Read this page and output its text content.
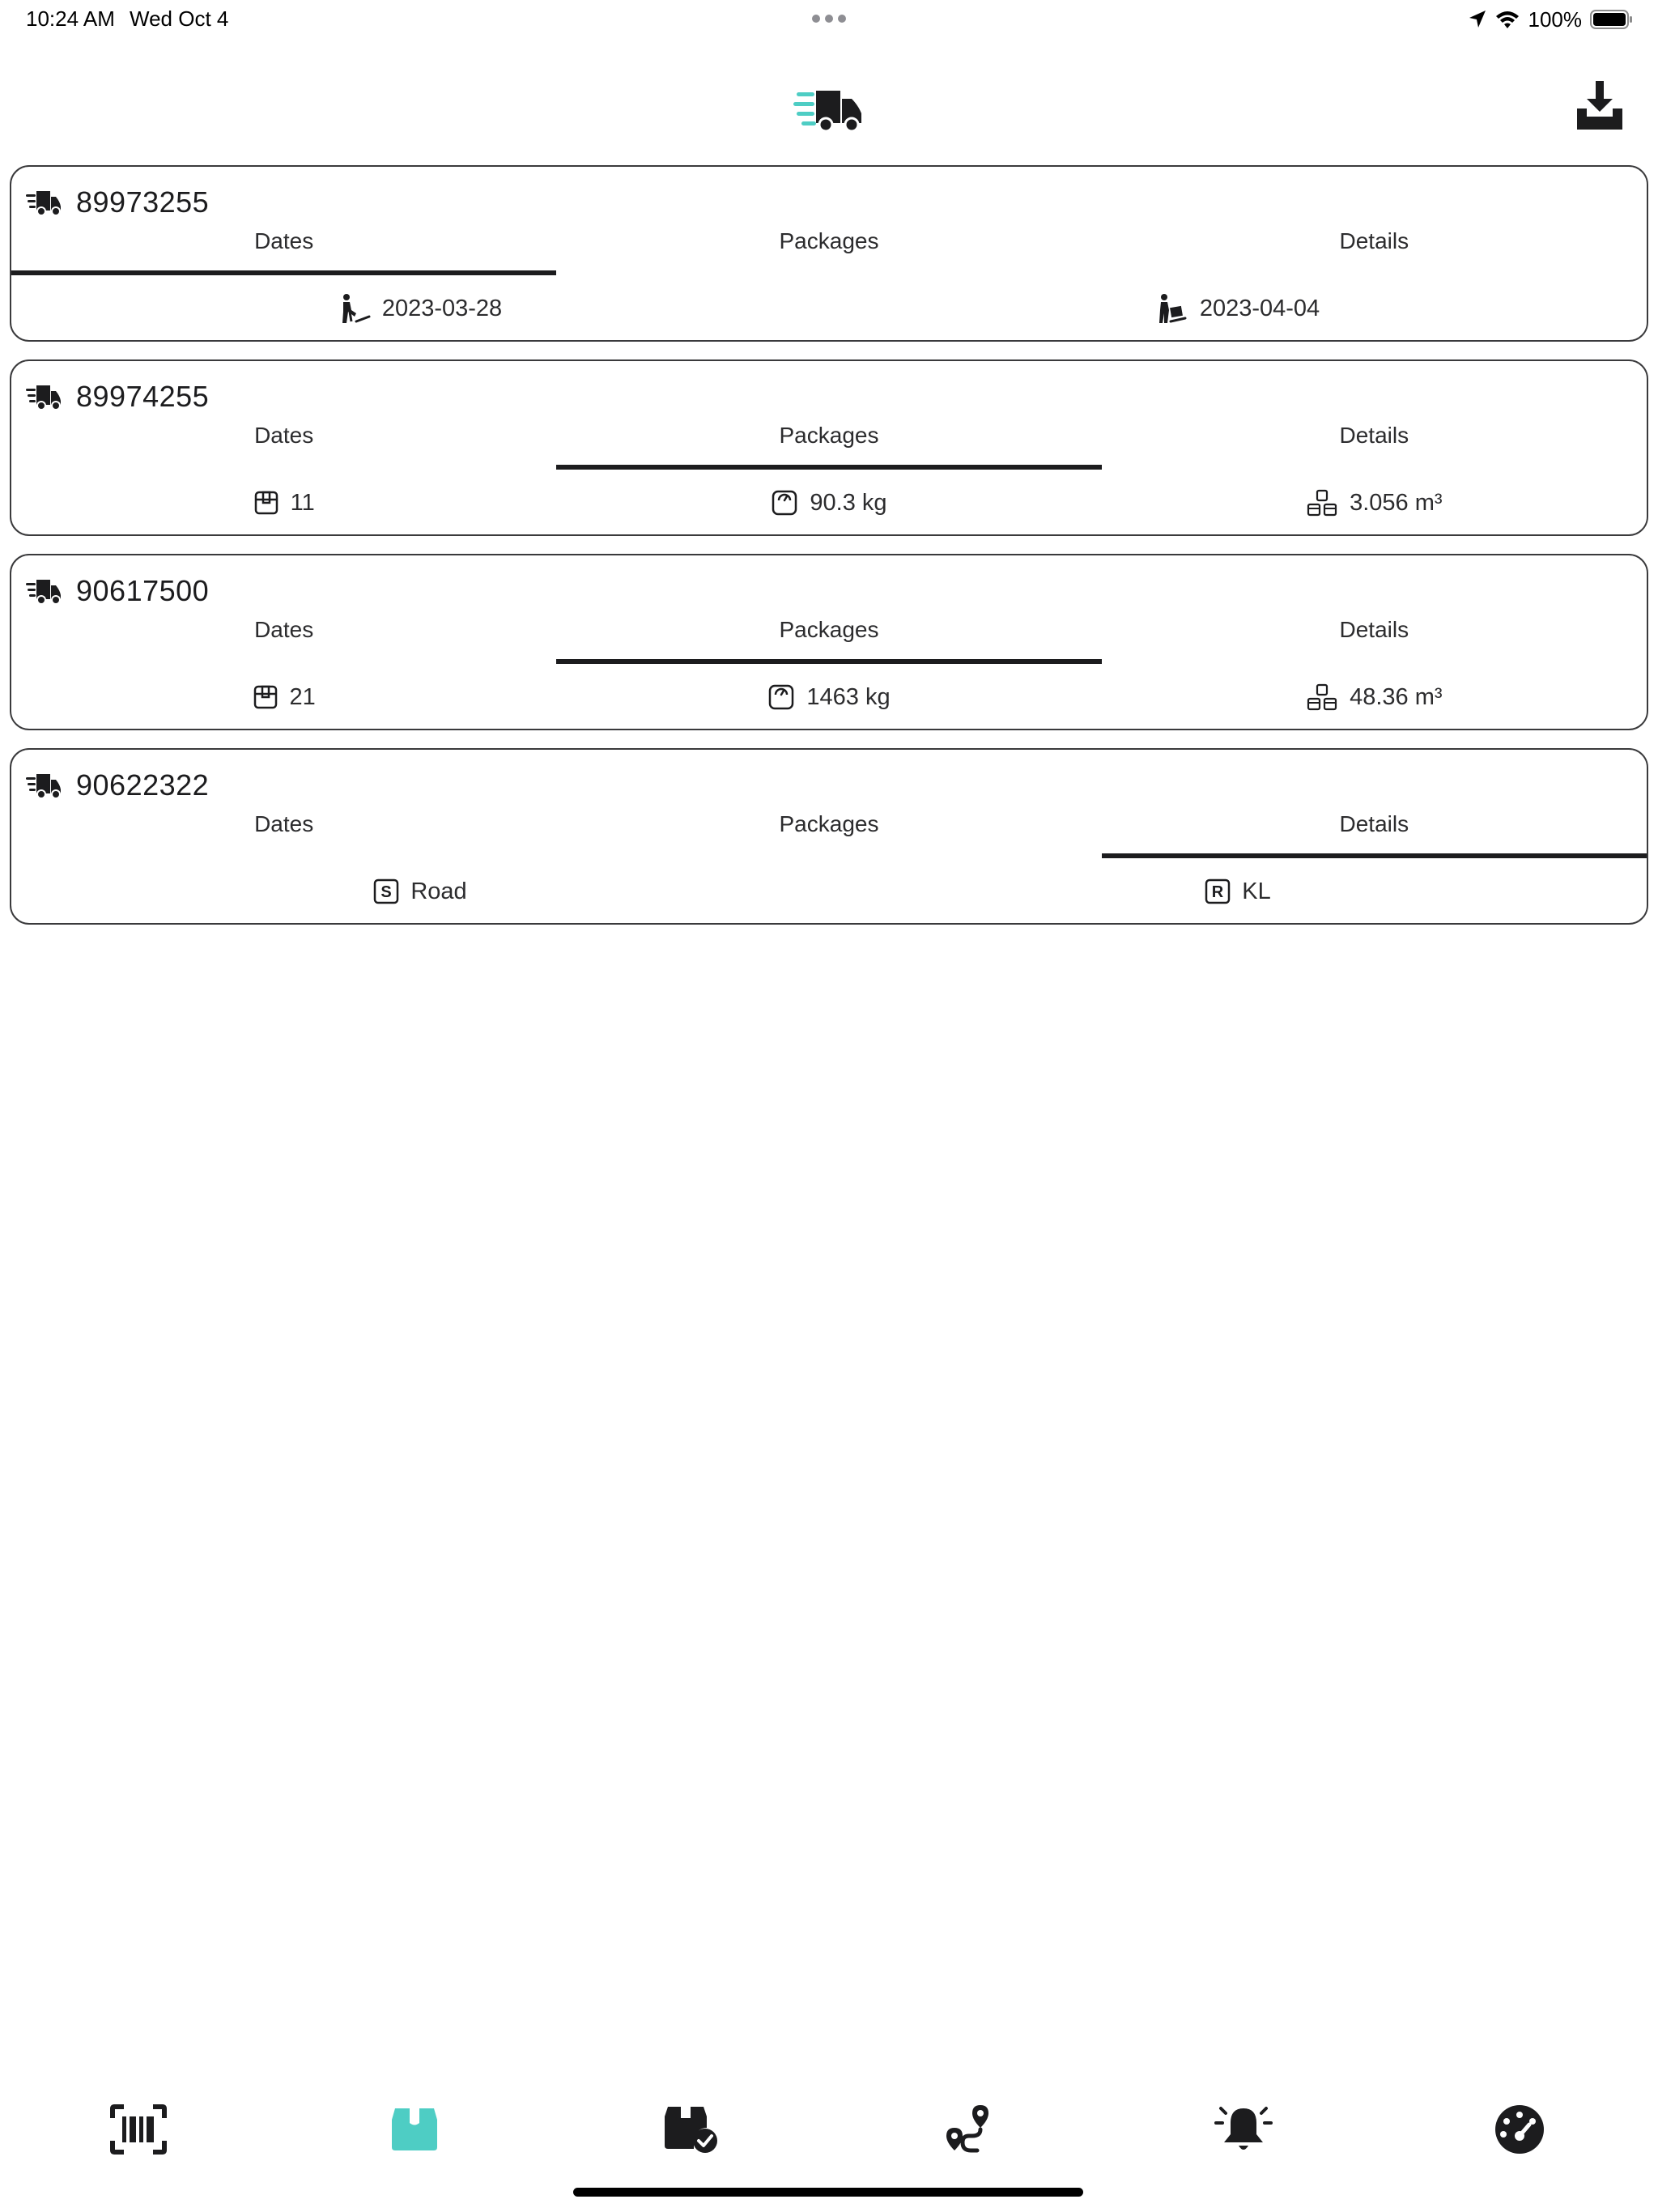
10:24 AM Wed Oct 4	100%
89973255
Dates	Packages	Details
2023-03-28	2023-04-04
89974255
Dates	Packages	Details
11	90.3 kg	3.056 m³
90617500
Dates	Packages	Details
21	1463 kg	48.36 m³
90622322
Dates	Packages	Details
S Road	R KL
